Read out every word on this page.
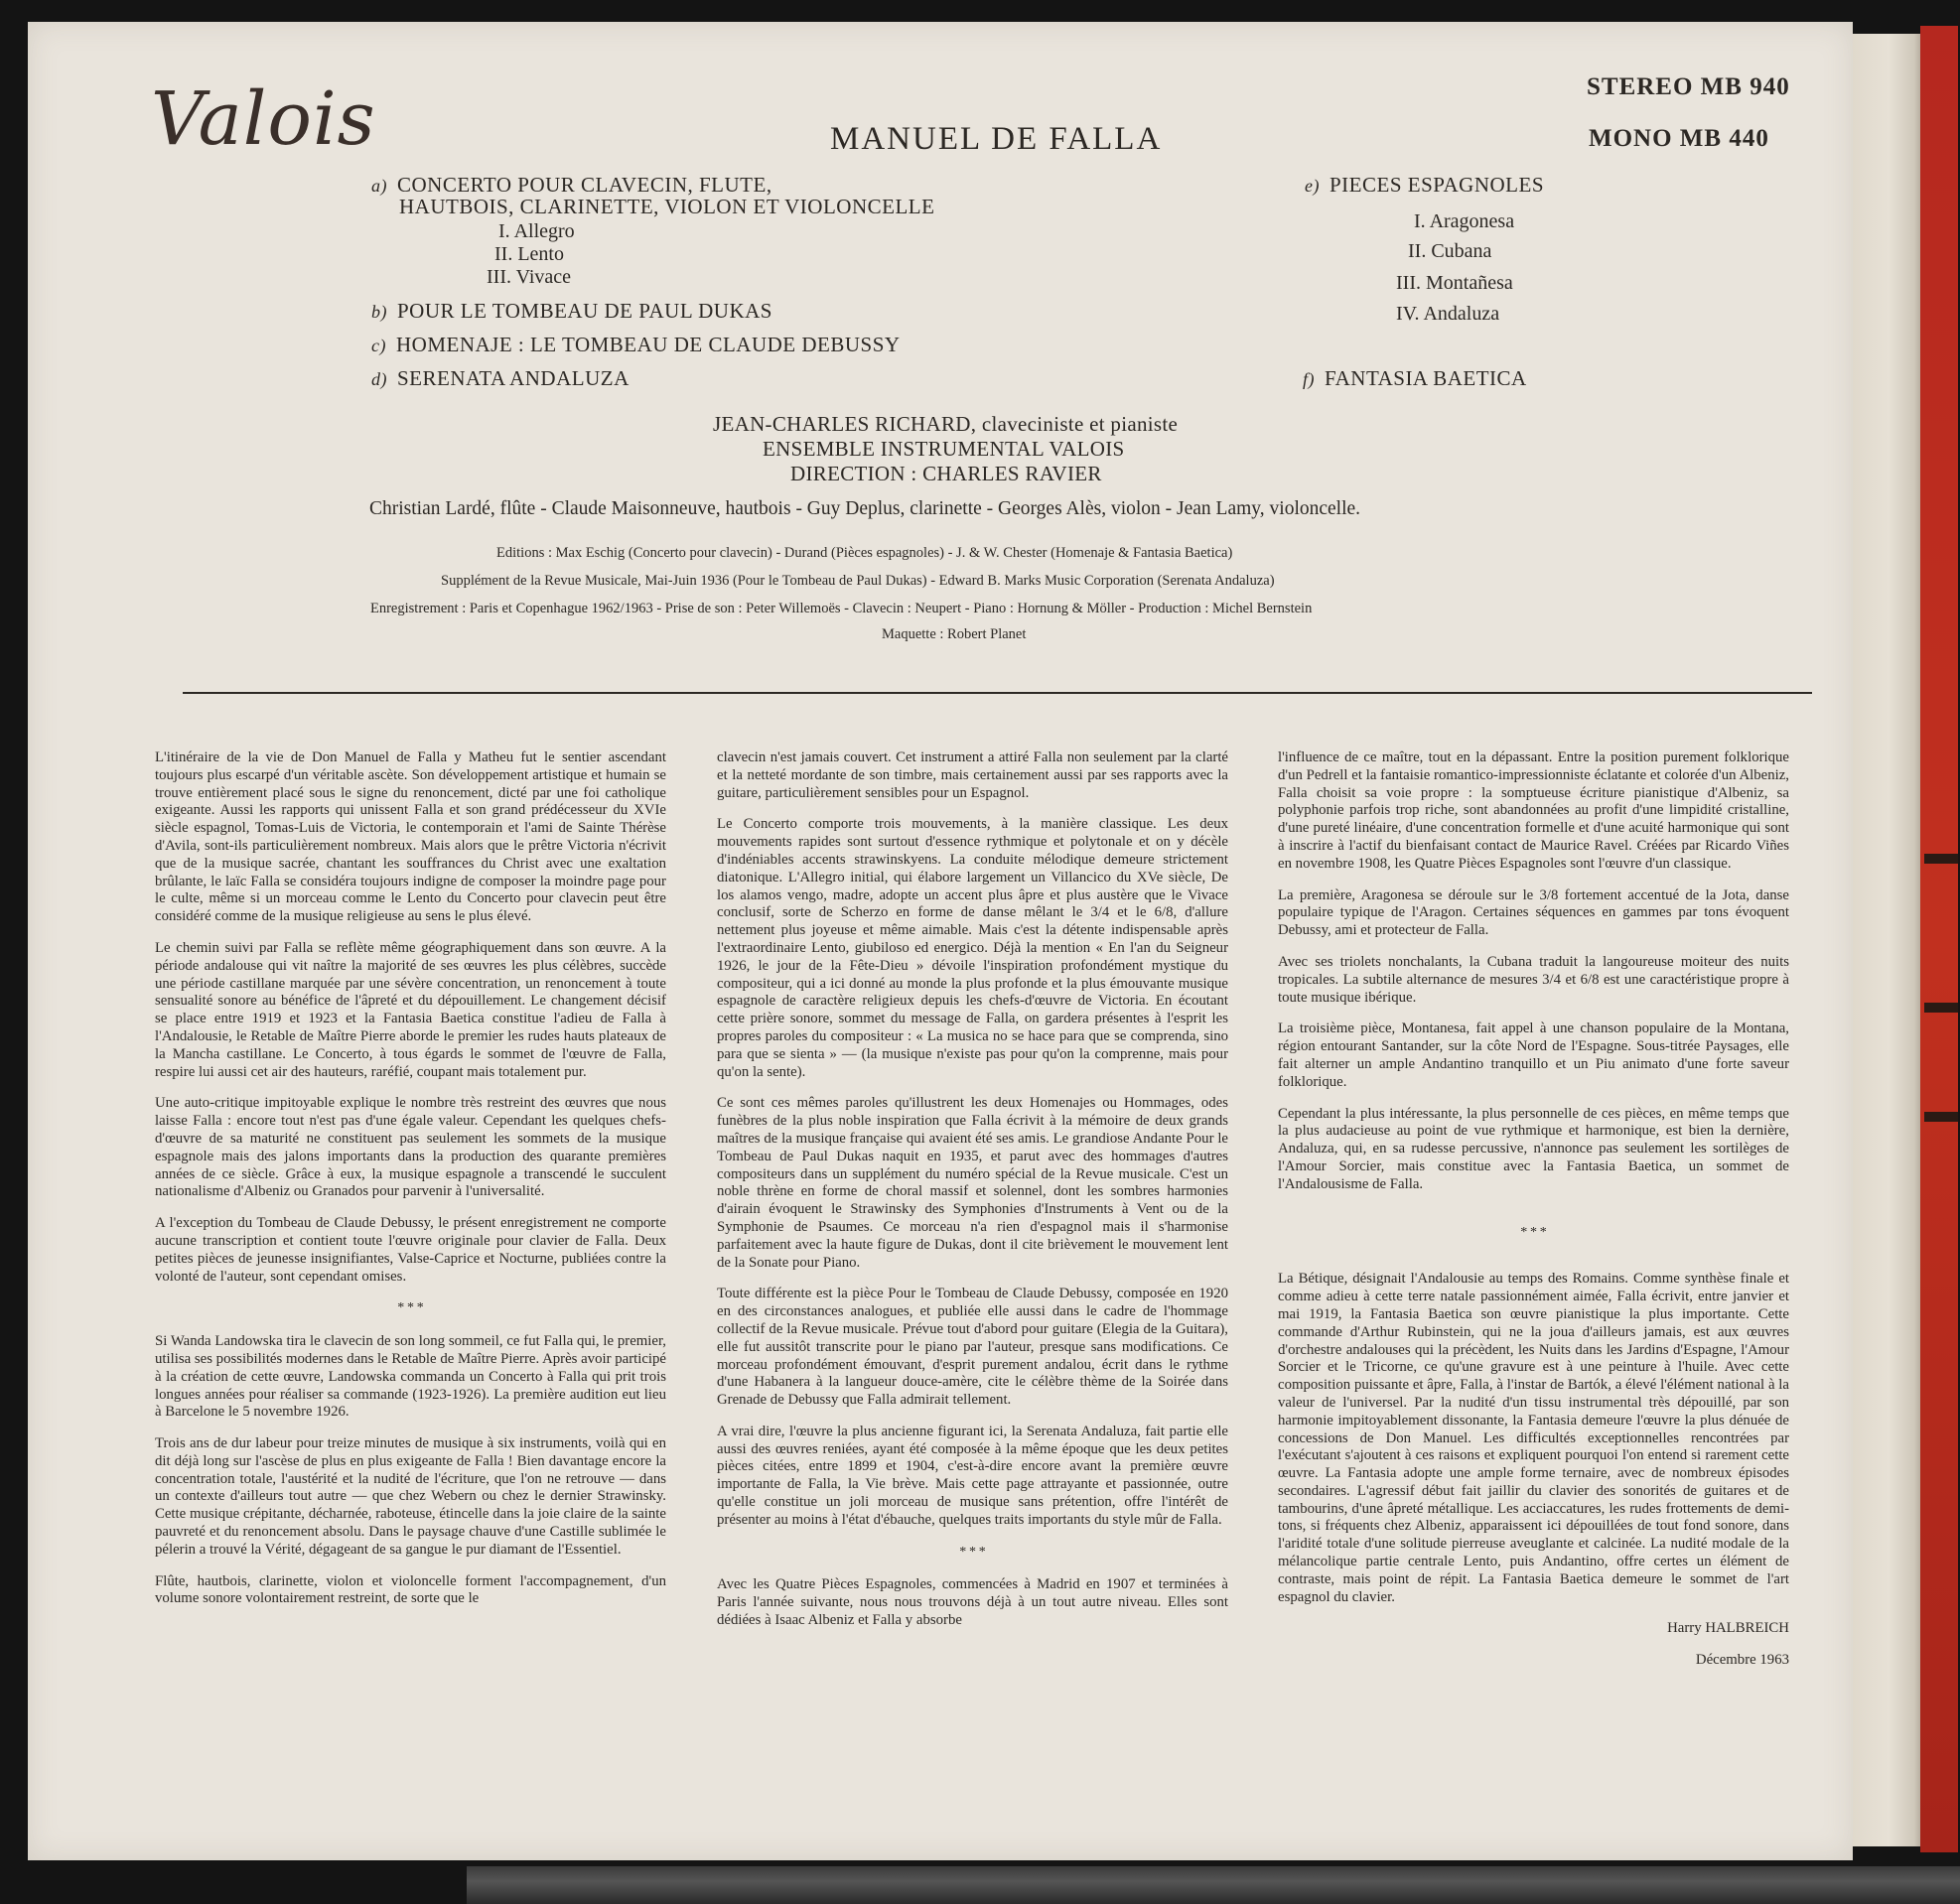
Valois	MANUEL DE FALLA
STEREO MB 940
MONO MB 440
a) CONCERTO POUR CLAVECIN, FLUTE,
HAUTBOIS, CLARINETTE, VIOLON ET VIOLONCELLE
I. Allegro
II. Lento
III. Vivace
b) POUR LE TOMBEAU DE PAUL DUKAS
c) HOMENAJE : LE TOMBEAU DE CLAUDE DEBUSSY
d) SERENATA ANDALUZA
e) PIECES ESPAGNOLES
I. Aragonesa
II. Cubana
III. Montañesa
IV. Andaluza
f) FANTASIA BAETICA
JEAN-CHARLES RICHARD, claveciniste et pianiste
ENSEMBLE INSTRUMENTAL VALOIS
DIRECTION : CHARLES RAVIER
Christian Lardé, flûte - Claude Maisonneuve, hautbois - Guy Deplus, clarinette - Georges Alès, violon - Jean Lamy, violoncelle.
Editions : Max Eschig (Concerto pour clavecin) - Durand (Pièces espagnoles) - J. & W. Chester (Homenaje & Fantasia Baetica)
Supplément de la Revue Musicale, Mai-Juin 1936 (Pour le Tombeau de Paul Dukas) - Edward B. Marks Music Corporation (Serenata Andaluza)
Enregistrement : Paris et Copenhague 1962/1963 - Prise de son : Peter Willemoës - Clavecin : Neupert - Piano : Hornung & Möller - Production : Michel Bernstein
Maquette : Robert Planet

L'itinéraire de la vie de Don Manuel de Falla y Matheu fut le sentier ascendant toujours plus escarpé d'un véritable ascète. Son développement artistique et humain se trouve entièrement placé sous le signe du renoncement, dicté par une foi catholique exigeante. Aussi les rapports qui unissent Falla et son grand prédécesseur du XVIe siècle espagnol, Tomas-Luis de Victoria, le contemporain et l'ami de Sainte Thérèse d'Avila, sont-ils particulièrement nombreux. Mais alors que le prêtre Victoria n'écrivit que de la musique sacrée, chantant les souffrances du Christ avec une exaltation brûlante, le laïc Falla se considéra toujours indigne de composer la moindre page pour le culte, même si un morceau comme le Lento du Concerto pour clavecin peut être considéré comme de la musique religieuse au sens le plus élevé.

Le chemin suivi par Falla se reflète même géographiquement dans son œuvre. A la période andalouse qui vit naître la majorité de ses œuvres les plus célèbres, succède une période castillane marquée par une sévère concentration, un renoncement à toute sensualité sonore au bénéfice de l'âpreté et du dépouillement. Le changement décisif se place entre 1919 et 1923 et la Fantasia Baetica constitue l'adieu de Falla à l'Andalousie, le Retable de Maître Pierre aborde le premier les rudes hauts plateaux de la Mancha castillane. Le Concerto, à tous égards le sommet de l'œuvre de Falla, respire lui aussi cet air des hauteurs, raréfié, coupant mais totalement pur.

Une auto-critique impitoyable explique le nombre très restreint des œuvres que nous laisse Falla : encore tout n'est pas d'une égale valeur. Cependant les quelques chefs-d'œuvre de sa maturité ne constituent pas seulement les sommets de la musique espagnole mais des jalons importants dans la production des quarante premières années de ce siècle. Grâce à eux, la musique espagnole a transcendé le succulent nationalisme d'Albeniz ou Granados pour parvenir à l'universalité.

A l'exception du Tombeau de Claude Debussy, le présent enregistrement ne comporte aucune transcription et contient toute l'œuvre originale pour clavier de Falla. Deux petites pièces de jeunesse insignifiantes, Valse-Caprice et Nocturne, publiées contre la volonté de l'auteur, sont cependant omises.

* * *

Si Wanda Landowska tira le clavecin de son long sommeil, ce fut Falla qui, le premier, utilisa ses possibilités modernes dans le Retable de Maître Pierre. Après avoir participé à la création de cette œuvre, Landowska commanda un Concerto à Falla qui prit trois longues années pour réaliser sa commande (1923-1926). La première audition eut lieu à Barcelone le 5 novembre 1926.

Trois ans de dur labeur pour treize minutes de musique à six instruments, voilà qui en dit déjà long sur l'ascèse de plus en plus exigeante de Falla ! Bien davantage encore la concentration totale, l'austérité et la nudité de l'écriture, que l'on ne retrouve — dans un contexte d'ailleurs tout autre — que chez Webern ou chez le dernier Strawinsky. Cette musique crépitante, décharnée, raboteuse, étincelle dans la joie claire de la sainte pauvreté et du renoncement absolu. Dans le paysage chauve d'une Castille sublimée le pélerin a trouvé la Vérité, dégageant de sa gangue le pur diamant de l'Essentiel.

Flûte, hautbois, clarinette, violon et violoncelle forment l'accompagnement, d'un volume sonore volontairement restreint, de sorte que le

clavecin n'est jamais couvert. Cet instrument a attiré Falla non seulement par la clarté et la netteté mordante de son timbre, mais certainement aussi par ses rapports avec la guitare, particulièrement sensibles pour un Espagnol.

Le Concerto comporte trois mouvements, à la manière classique. Les deux mouvements rapides sont surtout d'essence rythmique et polytonale et on y décèle d'indéniables accents strawinskyens. La conduite mélodique demeure strictement diatonique. L'Allegro initial, qui élabore largement un Villancico du XVe siècle, De los alamos vengo, madre, adopte un accent plus âpre et plus austère que le Vivace conclusif, sorte de Scherzo en forme de danse mêlant le 3/4 et le 6/8, d'allure nettement plus joyeuse et même aimable. Mais c'est la détente indispensable après l'extraordinaire Lento, giubiloso ed energico. Déjà la mention « En l'an du Seigneur 1926, le jour de la Fête-Dieu » dévoile l'inspiration profondément mystique du compositeur, qui a ici donné au monde la plus profonde et la plus émouvante musique espagnole de caractère religieux depuis les chefs-d'œuvre de Victoria. En écoutant cette prière sonore, sommet du message de Falla, on gardera présentes à l'esprit les propres paroles du compositeur : « La musica no se hace para que se comprenda, sino para que se sienta » — (la musique n'existe pas pour qu'on la comprenne, mais pour qu'on la sente).

Ce sont ces mêmes paroles qu'illustrent les deux Homenajes ou Hommages, odes funèbres de la plus noble inspiration que Falla écrivit à la mémoire de deux grands maîtres de la musique française qui avaient été ses amis. Le grandiose Andante Pour le Tombeau de Paul Dukas naquit en 1935, et parut avec des hommages d'autres compositeurs dans un supplément du numéro spécial de la Revue musicale. C'est un noble thrène en forme de choral massif et solennel, dont les sombres harmonies d'airain évoquent le Strawinsky des Symphonies d'Instruments à Vent ou de la Symphonie de Psaumes. Ce morceau n'a rien d'espagnol mais il s'harmonise parfaitement avec la haute figure de Dukas, dont il cite brièvement le mouvement lent de la Sonate pour Piano.

Toute différente est la pièce Pour le Tombeau de Claude Debussy, composée en 1920 en des circonstances analogues, et publiée elle aussi dans le cadre de l'hommage collectif de la Revue musicale. Prévue tout d'abord pour guitare (Elegia de la Guitara), elle fut aussitôt transcrite pour le piano par l'auteur, presque sans modifications. Ce morceau profondément émouvant, d'esprit purement andalou, écrit dans le rythme d'une Habanera à la langueur douce-amère, cite le célèbre thème de la Soirée dans Grenade de Debussy que Falla admirait tellement.

A vrai dire, l'œuvre la plus ancienne figurant ici, la Serenata Andaluza, fait partie elle aussi des œuvres reniées, ayant été composée à la même époque que les deux petites pièces citées, entre 1899 et 1904, c'est-à-dire encore avant la première œuvre importante de Falla, la Vie brève. Mais cette page attrayante et passionnée, outre qu'elle constitue un joli morceau de musique sans prétention, offre l'intérêt de présenter au moins à l'état d'ébauche, quelques traits importants du style mûr de Falla.

* * *

Avec les Quatre Pièces Espagnoles, commencées à Madrid en 1907 et terminées à Paris l'année suivante, nous nous trouvons déjà à un tout autre niveau. Elles sont dédiées à Isaac Albeniz et Falla y absorbe

l'influence de ce maître, tout en la dépassant. Entre la position purement folklorique d'un Pedrell et la fantaisie romantico-impressionniste éclatante et colorée d'un Albeniz, Falla choisit sa voie propre : la somptueuse écriture pianistique d'Albeniz, sa polyphonie parfois trop riche, sont abandonnées au profit d'une limpidité cristalline, d'une pureté linéaire, d'une concentration formelle et d'une acuité harmonique qui sont à inscrire à l'actif du bienfaisant contact de Maurice Ravel. Créées par Ricardo Viñes en novembre 1908, les Quatre Pièces Espagnoles sont l'œuvre d'un classique.

La première, Aragonesa se déroule sur le 3/8 fortement accentué de la Jota, danse populaire typique de l'Aragon. Certaines séquences en gammes par tons évoquent Debussy, ami et protecteur de Falla.

Avec ses triolets nonchalants, la Cubana traduit la langoureuse moiteur des nuits tropicales. La subtile alternance de mesures 3/4 et 6/8 est une caractéristique propre à toute musique ibérique.

La troisième pièce, Montanesa, fait appel à une chanson populaire de la Montana, région entourant Santander, sur la côte Nord de l'Espagne. Sous-titrée Paysages, elle fait alterner un ample Andantino tranquillo et un Piu animato d'une forte saveur folklorique.

Cependant la plus intéressante, la plus personnelle de ces pièces, en même temps que la plus audacieuse au point de vue rythmique et harmonique, est bien la dernière, Andaluza, qui, en sa rudesse percussive, n'annonce pas seulement les sortilèges de l'Amour Sorcier, mais constitue avec la Fantasia Baetica, un sommet de l'Andalousisme de Falla.

* * *

La Bétique, désignait l'Andalousie au temps des Romains. Comme synthèse finale et comme adieu à cette terre natale passionnément aimée, Falla écrivit, entre janvier et mai 1919, la Fantasia Baetica son œuvre pianistique la plus importante. Cette commande d'Arthur Rubinstein, qui ne la joua d'ailleurs jamais, est aux œuvres d'orchestre andalouses qui la précèdent, les Nuits dans les Jardins d'Espagne, l'Amour Sorcier et le Tricorne, ce qu'une gravure est à une peinture à l'huile. Avec cette composition puissante et âpre, Falla, à l'instar de Bartók, a élevé l'élément national à la valeur de l'universel. Par la nudité d'un tissu instrumental très dépouillé, par son harmonie impitoyablement dissonante, la Fantasia demeure l'œuvre la plus dénuée de concessions de Don Manuel. Les difficultés exceptionnelles rencontrées par l'exécutant s'ajoutent à ces raisons et expliquent pourquoi l'on entend si rarement cette œuvre. La Fantasia adopte une ample forme ternaire, avec de nombreux épisodes secondaires. L'agressif début fait jaillir du clavier des sonorités de guitares et de tambourins, d'une âpreté métallique. Les acciaccatures, les rudes frottements de demi-tons, si fréquents chez Albeniz, apparaissent ici dépouillées de tout fond sonore, dans l'aridité totale d'une solitude pierreuse aveuglante et calcinée. La nudité modale de la mélancolique partie centrale Lento, puis Andantino, offre certes un élément de contraste, mais point de répit. La Fantasia Baetica demeure le sommet de l'art espagnol du clavier.

Harry HALBREICH

Décembre 1963
